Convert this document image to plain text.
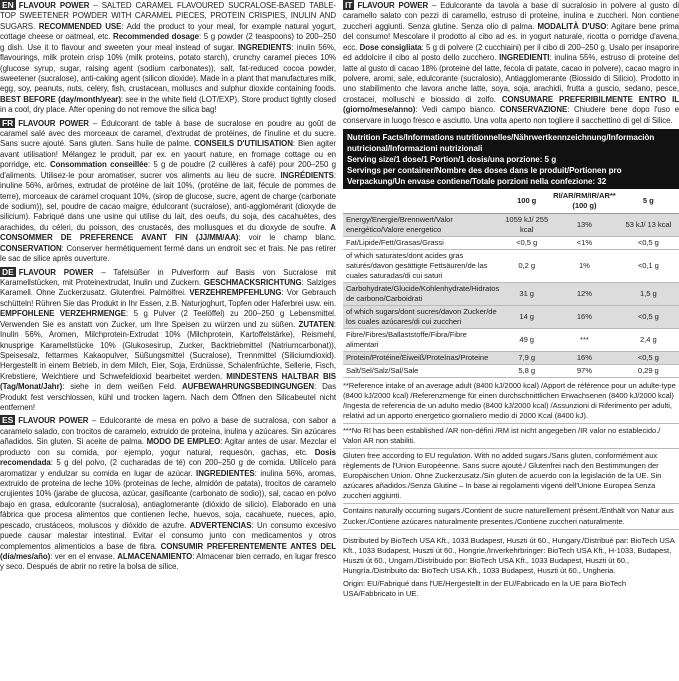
EN FLAVOUR POWER – SALTED CARAMEL FLAVOURED SUCRALOSE-BASED TABLE-TOP SWEETENER POWDER WITH CARAMEL PIECES, PROTEIN CRISPIES, INULIN AND SUGARS. RECOMMENDED USE: Add the product to your meal, for example natural yogurt, cottage cheese or oatmeal, etc. Recommended dosage: 5 g powder (2 teaspoons) to 200–250 g dish. Use it to flavour and sweeten your meal instead of sugar. INGREDIENTS: inulin 56%, flavourings, milk protein crisp 10% (milk proteins, potato starch), crunchy caramel pieces 10% (glucose syrup, sugar, raising agent (sodium carbonates)), salt, fat-reduced cocoa powder, sweetener (sucralose), anti-caking agent (silicon dioxide). Made in a plant that manufactures milk, egg, soy, peanuts, nuts, celery, fish, crustacean, molluscs and sulphur dioxide containing foods. BEST BEFORE (day/month/year): see in the white field (LOT/EXP). Store product tightly closed in a cool, dry place. After opening do not remove the silica bag!
FR FLAVOUR POWER – Édulcorant de table à base de sucralose en poudre au goût de caramel salé avec des morceaux de caramel, d'extrudat de protéines, de l'inuline et du sucre. Sans sucre ajouté. Sans gluten. Sans huile de palme. CONSEILS D'UTILISATION: Bien agiter avant utilisation! Mélangez le produit, par ex. en yaourt nature, en fromage cottage ou en porridge, etc. Consommation conseillée: 5 g de poudre (2 cuillères à café) pour 200–250 g d'aliments. Utilisez-le pour aromatiser, sucrer vos aliments au lieu de sucre. INGRÉDIENTS: inuline 56%, arômes, extrudat de protéine de lait 10%, (protéine de lait, fécule de pommes de terre), morceaux de caramel croquant 10%, (sirop de glucose, sucre, agent de charge (carbonate de sodium)), sel, poudre de cacao maigre, édulcorant (sucralose), anti-agglomérant (dioxyde de silicium). Fabriqué dans une usine qui utilise du lait, des oeufs, du soja, des cacahuètes, des arachides, du céleri, du poisson, des crustacés, des mollusques et du dioxyde de soufre. A CONSOMMER DE PREFERENCE AVANT FIN (JJ/MM/AA): voir le champ blanc. CONSERVATION: Conserver hermétiquement fermé dans un endroit sec et frais. Ne pas retirer le sac de silice après ouverture.
DE FLAVOUR POWER – Tafelsüßer in Pulverform auf Basis von Sucralose mit Karamellstücken, mit Proteinextrudat, Inulin und Zuckern. GESCHMACKSRICHTUNG: Salziges Karamell. Ohne Zuckerzusatz. Glutenfrei. Palmölfrei. VERZEHREMPFEHLUNG: Vor Gebrauch schütteln! Rühren Sie das Produkt in Ihr Essen, z.B. Naturjoghurt, Topfen oder Haferbrei usw. ein. EMPFOHLENE VERZEHRMENGE: 5 g Pulver (2 Teelöffel) zu 200–250 g Lebensmittel. Verwenden Sie es anstatt von Zucker, um Ihre Speisen zu würzen und zu süßen. ZUTATEN: Inulin 56%, Aromen, Milchprotein-Extrudat 10% (Milchprotein, Kartoffelstärke), Reismehl, knusprige Karamellstücke 10% (Glukosesirup, Zucker, Backtriebmittel (Natriumcarbonat)), Speisesalz, fettarmes Kakaopulver, Süßungsmittel (Sucralose), Trennmittel (Siliciumdioxid). Hergestellt in einem Betrieb, in dem Milch, Eier, Soja, Erdnüsse, Schalenfrüchte, Sellerie, Fisch, Krebstiere, Weichtiere und Schwefeldioxid bearbeitet werden. MINDESTENS HALTBAR BIS (Tag/Monat/Jahr): siehe in dem weißen Feld. AUFBEWAHRUNGSBEDINGUNGEN: Das Produkt fest verschlossen, kühl und trocken lagern. Nach dem Öffnen den Silicabeutel nicht entfernen!
ES FLAVOUR POWER – Edulcorante de mesa en polvo a base de sucralosa, con sabor a caramelo salado, con trocitos de caramelo, extruido de proteína, inulina y azúcares. Sin azúcares añadidos. Sin gluten. Si aceite de palma. MODO DE EMPLEO: Agitar antes de usar. Mezclar el producto con su comida, por ejemplo, yogur natural, requesón, gachas, etc. Dosis recomendada: 5 g del polvo, (2 cucharadas de té) con 200–250 g de comida. Utilícelo para aromatizar y endulzar su comida en lugar de azúcar. INGREDIENTES: inulina 56%, aromas, extruido de proteína de leche 10% (proteínas de leche, almidón de patata), trocitos de caramelo crujientes 10% (jarabe de glucosa, azúcar, gasificante (carbonato de sodio)), sal, cacao en polvo bajo en grasa, edulcorante (sucralosa), antiaglomerante (dióxido de silicio). Elaborado en una fábrica que procesa alimentos que contienen leche, huevos, soja, cacahuete, nueces, apio, pescado, crustáceos, moluscos y dióxido de azufre. ADVERTENCIAS: Un consumo excesivo puede causar malestar intestinal. Evitar el consumo junto con medicamentos y otros complementos alimenticios a base de fibra. CONSUMIR PREFERENTEMENTE ANTES DEL (día/mes/año): ver en el envase. ALMACENAMIENTO: Almacenar bien cerrado, en lugar fresco y seco. Después de abrir no retire la bolsa de sílice.
IT FLAVOUR POWER – Edulcorante da tavola a base di sucralosio in polvere al gusto di caramello salato con pezzi di caramello, estruso di proteine, inulina e zuccheri. Non contiene zuccheri aggiunti. Senza glutine. Senza olio di palma. MODALITÀ D'USO: Agitare bene prima del consumo! Mescolare il prodotto al cibo ad es. in yogurt naturale, ricotta o porridge d'avena, ecc. Dose consigliata: 5 g di polvere (2 cucchiaini) per il cibo di 200–250 g. Usalo per insaporire ed addolcire il cibo al posto dello zucchero. INGREDIENTI: inulina 55%, estruso di proteine del latte al gusto di cacao 18% (proteine del latte, fecola di patate, cacao in polvere), cacao magro in polvere, aromi, sale, edulcorante (sucralosio), Antiagglomerante (Biossido di Silicio). Prodotto in uno stabilimento che lavora anche latte, soya, soja, arachidi, frutta a guscio, sedano, pesce, crostacei, molluschi e biossido di zolfo. CONSUMARE PREFERIBILMENTE ENTRO IL (giorno/mese/anno): Vedi campo bianco. CONSERVAZIONE: Chiudere bene dopo l'uso e conservare in luogo fresco e asciutto. Una volta aperto non togliere il sacchettino di gel di Silice.
Nutrition Facts/Informations nutritionnelles/Nährwertkennzeichnung/Informaciòn nutricional/Informazioni nutrizionali
Serving size/1 dose/1 Portion/1 dosis/una porzione: 5 g
Servings per container/Nombre des doses dans le produit/Portionen pro Verpackung/Un envase contiene/Totale porzioni nella confezione: 32
	100 g	RI/AR/RM/IR/AR**(100 g)	5 g
Energy/Energie/Brennwert/Valor energético/Valore energetico	1059 kJ/ 255 kcal	13%	53 kJ/ 13 kcal
Fat/Lipide/Fett/Grasas/Grassi	<0,5 g	<1%	<0,5 g
of which saturates/dont acides gras saturés/davon gesättigte Fettsäuren/de las cuales saturadas/di cui saturi	0,2 g	1%	<0,1 g
Carbohydrate/Glucide/Kohlenhydrate/Hidratos de carbono/Carboidrati	31 g	12%	1,5 g
of which sugars/dont sucres/davon Zucker/de los cuales azúcares/di cui zuccheri	14 g	16%	<0,5 g
Fibre/Fibres/Ballaststoffe/Fibra/Fibre alimentari	49 g	***	2,4 g
Protein/Protéine/Eiweiß/Proteínas/Proteine	7,9 g	16%	<0,5 g
Salt/Sel/Salz/Sal/Sale	5,8 g	97%	0,29 g

**Reference intake of an average adult (8400 kJ/2000 kcal) /Apport de référence pour un adulte-type (8400 kJ/2000 kcal) /Referenzmenge für einen durchschnittlichen Erwachsenen (8400 kJ/2000 kcal) /Ingesta de referencia de un adulto medio (8400 kJ/2000 kcal) /Assunzioni di Riferimento per adulti, relativi ad un apporto energetico giornaliero medio di 2000 Kcal (8400 kJ).

***No RI has been established /AR non-défini /RM ist nicht angegeben /IR valor no establecido./ Valori AR non stabiliti.

Gluten free according to EU regulation. With no added sugars./Sans gluten, conformément aux règlements de l'Union Européenne. Sans sucre ajouté./ Glutenfrei nach den Bestimmungen der Europäischen Union. Ohne Zuckerzusatz./Sin gluten de acuerdo con la legislación de la UE. Sin azúcares añadidos./Senza Glutine – In base ai regolamenti vigenti dell'Unione Europea Senza zuccheri aggiunti.

Contains naturally occurring sugars./Contient de sucre naturellement présent./Enthält von Natur aus Zucker./Contiene azúcares naturalmente presentes./Contiene zuccheri naturalmente.

Distributed by BioTech USA Kft., 1033 Budapest, Huszti út 60., Hungary./Distribué par: BioTech USA Kft., 1033 Budapest, Huszti út 60., Hongrie./Inverkehrbringer: BioTech USA Kft., H-1033, Budapest, Huszti út 60., Ungarn./Distribuido por: BioTech USA Kft., 1033 Budapest, Huszti út 60., Hungría./Distribuito da: BioTech USA Kft., 1033 Budapest, Huszti út 60., Ungheria.

Origin: EU/Fabriqué dans l'UE/Hergestellt in der EU/Fabricado en la UE para BioTech USA/Fabbricato in UE.
